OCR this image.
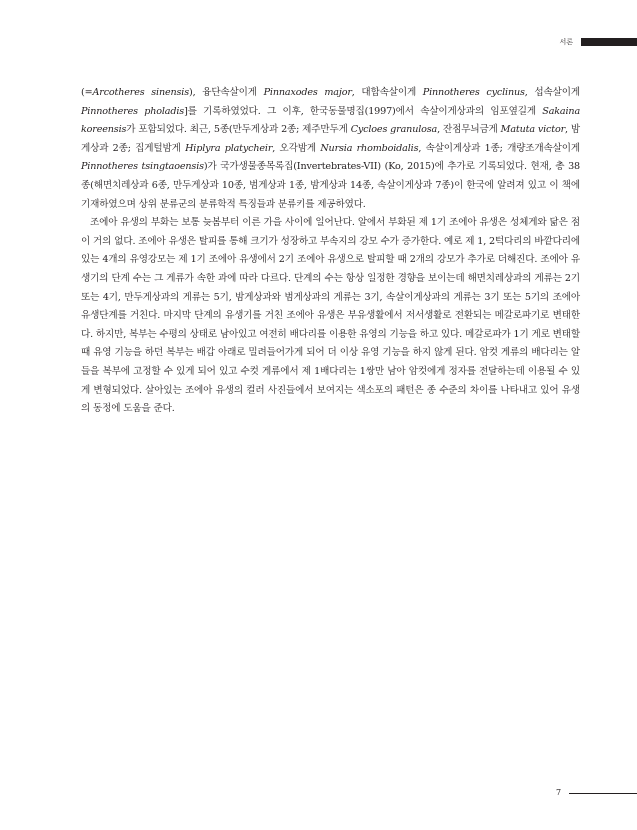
서론

(=Arcotheres sinensis), 융단속살이게 Pinnaxodes major, 대합속살이게 Pinnotheres cyclinus, 섭속살이게 Pinnotheres pholadis]를 기록하였었다. 그 이후, 한국동물명집(1997)에서 속살이게상과의 임포옆길게 Sakaina koreensis가 포함되었다. 최근, 5종(만두게상과 2종; 제주만두게 Cycloes granulosa, 잔점무늬금게 Matuta victor, 밤게상과 2종; 집게털밤게 Hiplyra platycheir, 오각밤게 Nursia rhomboidalis, 속살이게상과 1종; 개량조개속살이게 Pinnotheres tsingtaoensis)가 국가생물종목록집(Invertebrates-VII) (Ko, 2015)에 추가로 기록되었다. 현재, 총 38종(해면치레상과 6종, 만두게상과 10종, 범게상과 1종, 밤게상과 14종, 속살이게상과 7종)이 한국에 알려져 있고 이 책에 기재하였으며 상위 분류군의 분류학적 특징들과 분류키를 제공하였다.

조에아 유생의 부화는 보통 늦봄부터 이른 가을 사이에 일어난다. 알에서 부화된 제 1기 조에아 유생은 성체게와 닮은 점이 거의 없다. 조에아 유생은 탈피를 통해 크기가 성장하고 부속지의 강모 수가 증가한다. 예로 제 1, 2턱다리의 바깥다리에 있는 4개의 유영강모는 제 1기 조에아 유생에서 2기 조에아 유생으로 탈피할 때 2개의 강모가 추가로 더해진다. 조에아 유생기의 단계 수는 그 게류가 속한 과에 따라 다르다. 단계의 수는 항상 일정한 경향을 보이는데 해면치레상과의 게류는 2기 또는 4기, 만두게상과의 게류는 5기, 밤게상과와 범게상과의 게류는 3기, 속살이게상과의 게류는 3기 또는 5기의 조에아 유생단계를 거친다. 마지막 단계의 유생기를 거친 조에아 유생은 부유생활에서 저서생활로 전환되는 메갈로파기로 변태한다. 하지만, 복부는 수평의 상태로 남아있고 여전히 배다리를 이용한 유영의 기능을 하고 있다. 메갈로파가 1기 게로 변태할 때 유영 기능을 하던 복부는 배갑 아래로 밀려들어가게 되어 더 이상 유영 기능을 하지 않게 된다. 암컷 게류의 배다리는 알들을 복부에 고정할 수 있게 되어 있고 수컷 게류에서 제 1배다리는 1쌍만 남아 암컷에게 정자를 전달하는데 이용될 수 있게 변형되었다. 살아있는 조에아 유생의 컬러 사진들에서 보여지는 색소포의 패턴은 종 수준의 차이를 나타내고 있어 유생의 동정에 도움을 준다.

7
